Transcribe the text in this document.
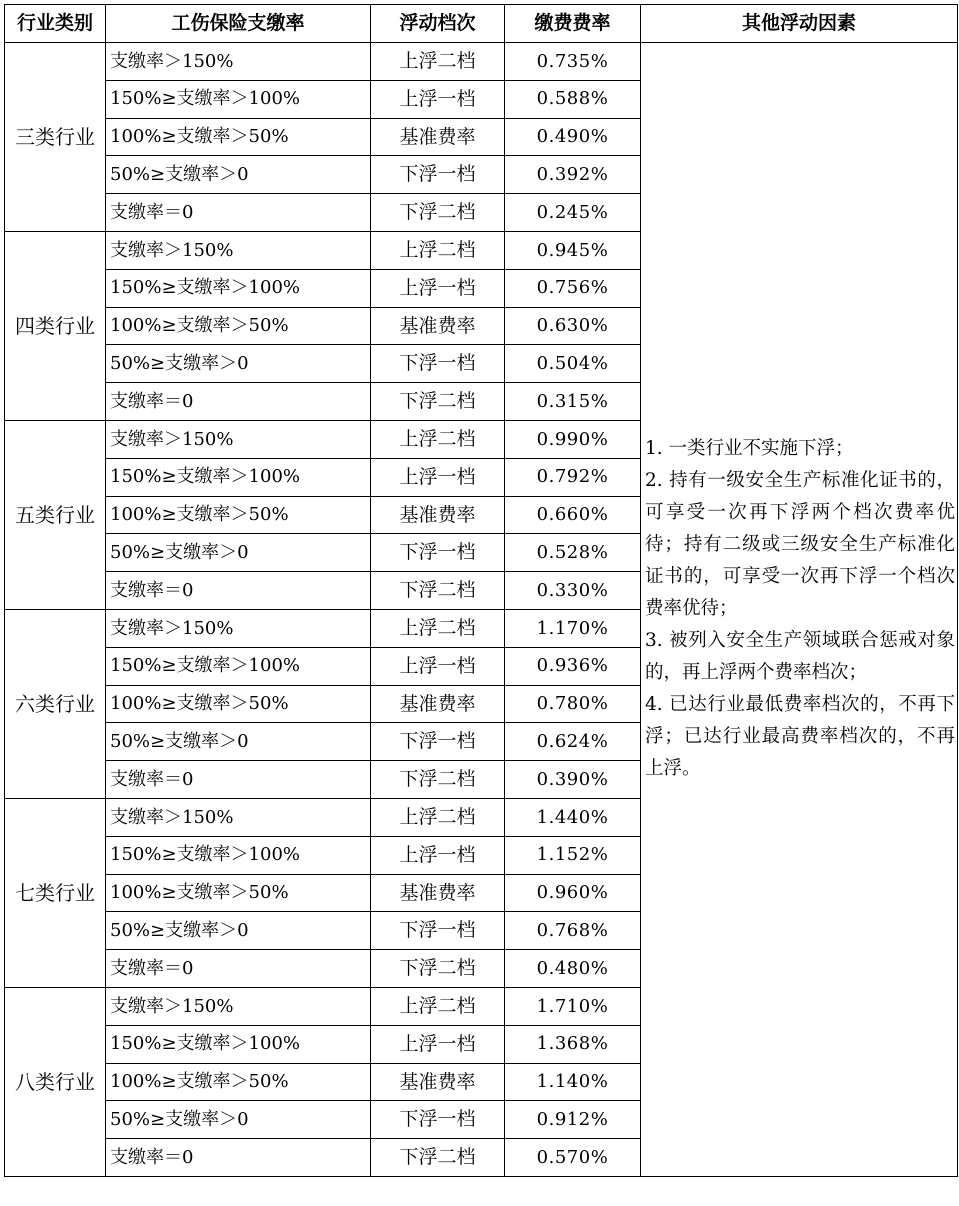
行业类别	工伤保险支缴率	浮动档次	缴费费率	其他浮动因素
三类行业	支缴率＞150%	上浮二档	0.735%	1. 一类行业不实施下浮；
2. 持有一级安全生产标准化证书的，可享受一次再下浮两个档次费率优待；持有二级或三级安全生产标准化证书的，可享受一次再下浮一个档次费率优待；
3. 被列入安全生产领域联合惩戒对象的，再上浮两个费率档次；
4. 已达行业最低费率档次的，不再下浮；已达行业最高费率档次的，不再上浮。

	150%≥支缴率＞100%	上浮一档	0.588%	
	100%≥支缴率＞50%	基准费率	0.490%	
	50%≥支缴率＞0	下浮一档	0.392%	
	支缴率＝0	下浮二档	0.245%	
四类行业	支缴率＞150%	上浮二档	0.945%	
	150%≥支缴率＞100%	上浮一档	0.756%	
	100%≥支缴率＞50%	基准费率	0.630%	
	50%≥支缴率＞0	下浮一档	0.504%	
	支缴率＝0	下浮二档	0.315%	
五类行业	支缴率＞150%	上浮二档	0.990%	
	150%≥支缴率＞100%	上浮一档	0.792%	
	100%≥支缴率＞50%	基准费率	0.660%	
	50%≥支缴率＞0	下浮一档	0.528%	
	支缴率＝0	下浮二档	0.330%	
六类行业	支缴率＞150%	上浮二档	1.170%	
	150%≥支缴率＞100%	上浮一档	0.936%	
	100%≥支缴率＞50%	基准费率	0.780%	
	50%≥支缴率＞0	下浮一档	0.624%	
	支缴率＝0	下浮二档	0.390%	
七类行业	支缴率＞150%	上浮二档	1.440%	
	150%≥支缴率＞100%	上浮一档	1.152%	
	100%≥支缴率＞50%	基准费率	0.960%	
	50%≥支缴率＞0	下浮一档	0.768%	
	支缴率＝0	下浮二档	0.480%	
八类行业	支缴率＞150%	上浮二档	1.710%	
	150%≥支缴率＞100%	上浮一档	1.368%	
	100%≥支缴率＞50%	基准费率	1.140%	
	50%≥支缴率＞0	下浮一档	0.912%	
	支缴率＝0	下浮二档	0.570%	
